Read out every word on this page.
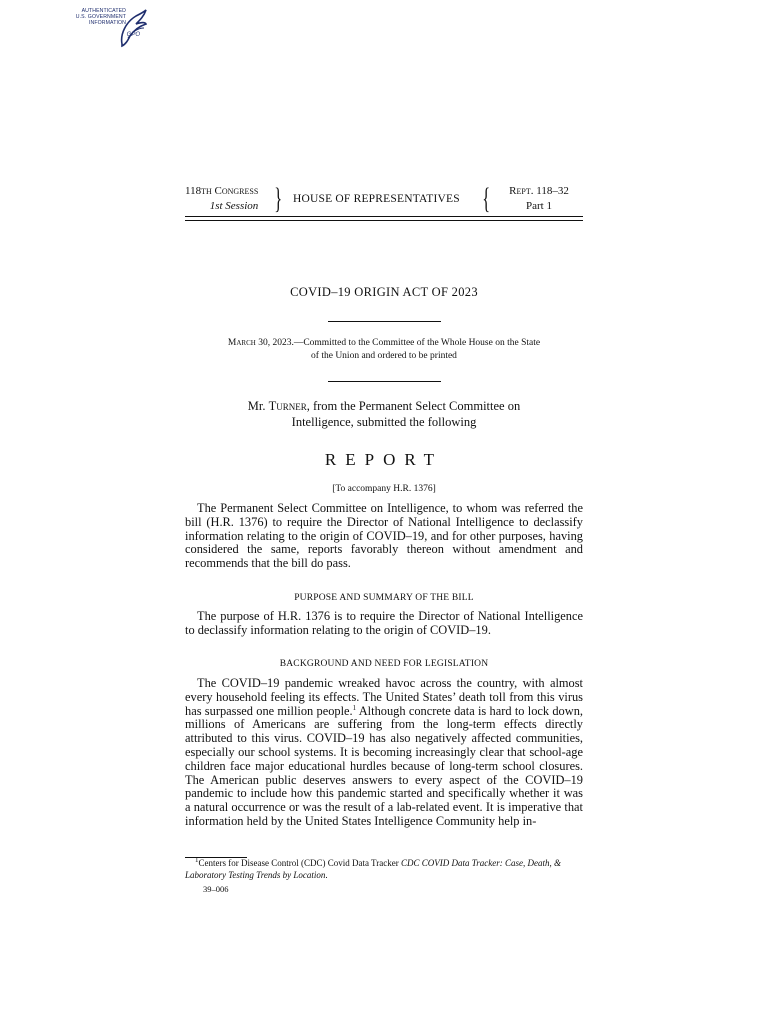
AUTHENTICATED
U.S. GOVERNMENT
INFORMATION
GPO
118th Congress
1st Session } HOUSE OF REPRESENTATIVES {	Rept. 118–32
Part 1
COVID–19 ORIGIN ACT OF 2023
March 30, 2023.—Committed to the Committee of the Whole House on the State
of the Union and ordered to be printed
Mr. Turner, from the Permanent Select Committee on
Intelligence, submitted the following
REPORT
[To accompany H.R. 1376]

The Permanent Select Committee on Intelligence, to whom was referred the bill (H.R. 1376) to require the Director of National Intelligence to declassify information relating to the origin of COVID–19, and for other purposes, having considered the same, reports favorably thereon without amendment and recommends that the bill do pass.

PURPOSE AND SUMMARY OF THE BILL

The purpose of H.R. 1376 is to require the Director of National Intelligence to declassify information relating to the origin of COVID–19.

BACKGROUND AND NEED FOR LEGISLATION

The COVID–19 pandemic wreaked havoc across the country, with almost every household feeling its effects. The United States’ death toll from this virus has surpassed one million people.$^1$ Although concrete data is hard to lock down, millions of Americans are suffering from the long-term effects directly attributed to this virus. COVID–19 has also negatively affected communities, especially our school systems. It is becoming increasingly clear that school-age children face major educational hurdles because of long-term school closures. The American public deserves answers to every aspect of the COVID–19 pandemic to include how this pandemic started and specifically whether it was a natural occurrence or was the result of a lab-related event. It is imperative that information held by the United States Intelligence Community help in-

$^1$Centers for Disease Control (CDC) Covid Data Tracker CDC COVID Data Tracker: Case, Death, & Laboratory Testing Trends by Location.

39–006
